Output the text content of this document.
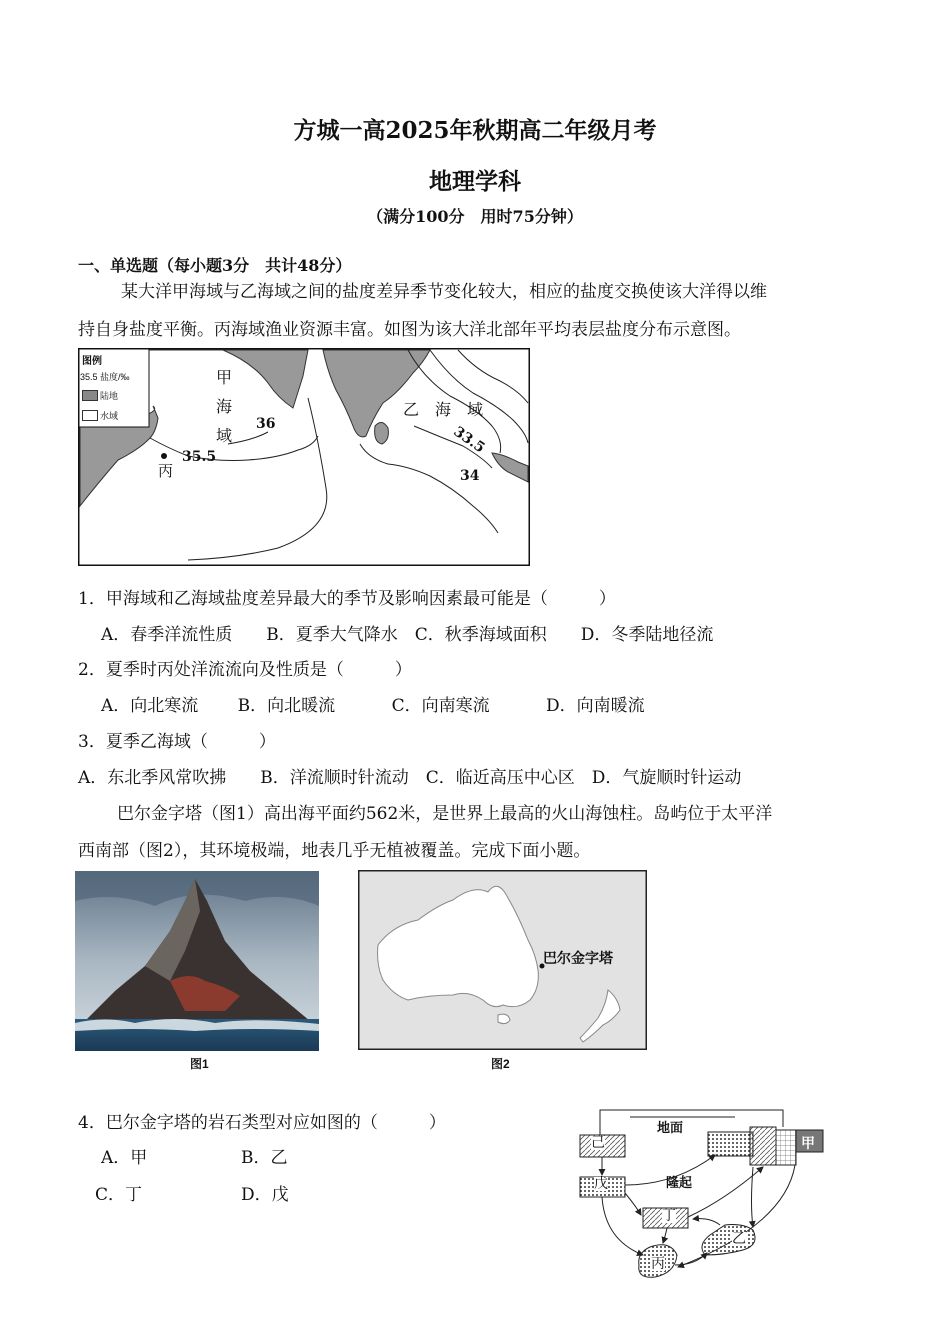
方城一高2025年秋期高二年级月考
地理学科
（满分100分　用时75分钟）
一、单选题（每小题3分　共计48分）
某大洋甲海域与乙海域之间的盐度差异季节变化较大，相应的盐度交换使该大洋得以维
持自身盐度平衡。丙海域渔业资源丰富。如图为该大洋北部年平均表层盐度分布示意图。
图例
35.5 盐度/‰
陆地
水域
甲
海
域
乙　海　域
丙
36
35.5
33.5
34
1．甲海域和乙海域盐度差异最大的季节及影响因素最可能是（　　　）
A．春季洋流性质　　B．夏季大气降水　C．秋季海域面积　　D．冬季陆地径流
2．夏季时丙处洋流流向及性质是（　　　）
A．向北寒流　　 B．向北暖流　　　 C．向南寒流　　　 D．向南暖流
3．夏季乙海域（　　　）
A．东北季风常吹拂　　B．洋流顺时针流动　C．临近高压中心区　D．气旋顺时针运动
巴尔金字塔（图1）高出海平面约562米，是世界上最高的火山海蚀柱。岛屿位于太平洋
西南部（图2），其环境极端，地表几乎无植被覆盖。完成下面小题。
图1
巴尔金字塔
图2
4．巴尔金字塔的岩石类型对应如图的（　　　）
A．甲	B．乙
C．丁	D．戊
己
戊
丁
丙
乙
甲
地面
隆起
